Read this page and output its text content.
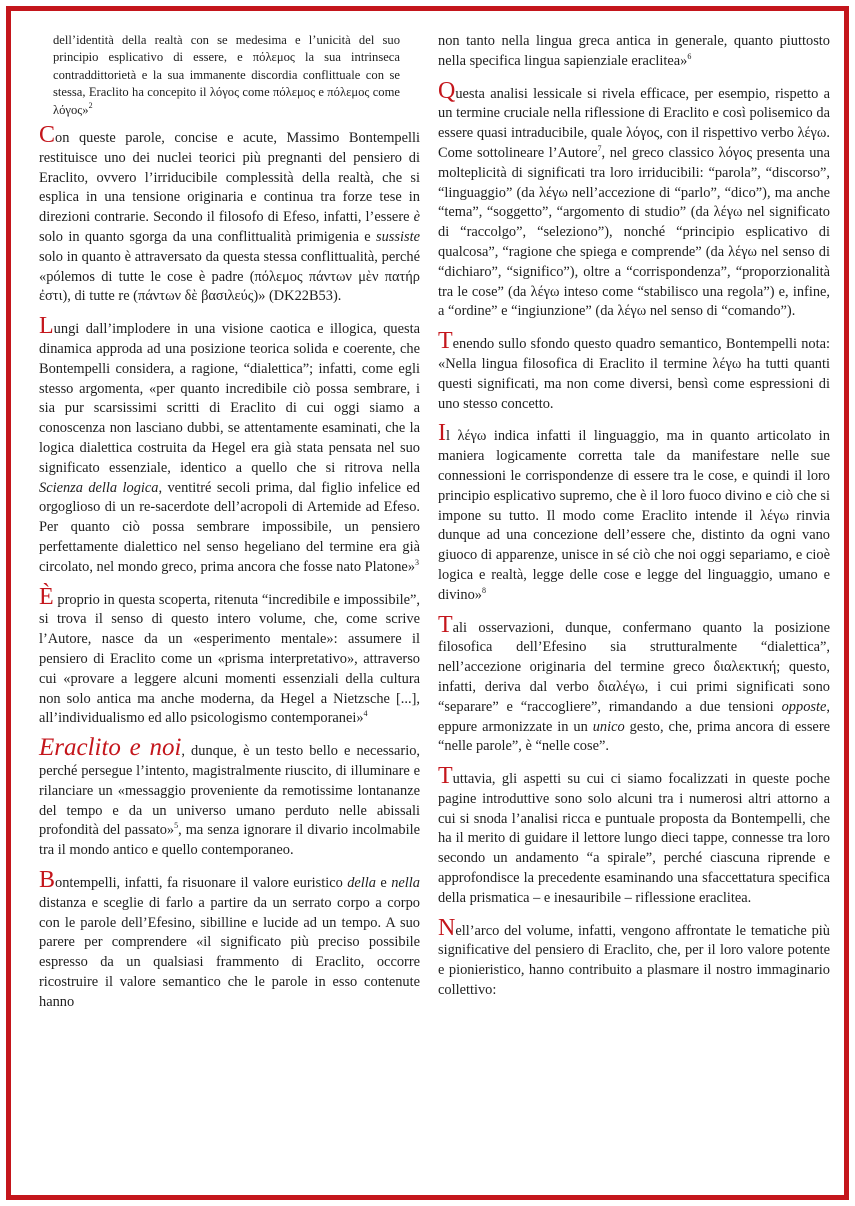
dell’identità della realtà con se medesima e l’unicità del suo principio esplicativo di essere, e πόλεμος la sua intrinseca contraddittorietà e la sua immanente discordia conflittuale con se stessa, Eraclito ha concepito il λόγος come πόλεμος e πόλεμος come λόγος»$^2$

Con queste parole, concise e acute, Massimo Bontempelli restituisce uno dei nuclei teorici più pregnanti del pensiero di Eraclito, ovvero l’irriducibile complessità della realtà, che si esplica in una tensione originaria e continua tra forze tese in direzioni contrarie. Secondo il filosofo di Efeso, infatti, l’essere è solo in quanto sgorga da una conflittualità primigenia e sussiste solo in quanto è attraversato da questa stessa conflittualità, perché «pólemos di tutte le cose è padre (πόλεμος πάντων μὲν πατήρ ἐστι), di tutte re (πάντων δὲ βασιλεύς)» (DK22B53).

Lungi dall’implodere in una visione caotica e illogica, questa dinamica approda ad una posizione teorica solida e coerente, che Bontempelli considera, a ragione, “dialettica”; infatti, come egli stesso argomenta, «per quanto incredibile ciò possa sembrare, i sia pur scarsissimi scritti di Eraclito di cui oggi siamo a conoscenza non lasciano dubbi, se attentamente esaminati, che la logica dialettica costruita da Hegel era già stata pensata nel suo significato essenziale, identico a quello che si ritrova nella Scienza della logica, ventitré secoli prima, dal figlio infelice ed orgoglioso di un re-sacerdote dell’acropoli di Artemide ad Efeso. Per quanto ciò possa sembrare impossibile, un pensiero perfettamente dialettico nel senso hegeliano del termine era già circolato, nel mondo greco, prima ancora che fosse nato Platone»$^3$

È proprio in questa scoperta, ritenuta “incredibile e impossibile”, si trova il senso di questo intero volume, che, come scrive l’Autore, nasce da un «esperimento mentale»: assumere il pensiero di Eraclito come un «prisma interpretativo», attraverso cui «provare a leggere alcuni momenti essenziali della cultura non solo antica ma anche moderna, da Hegel a Nietzsche [...], all’individualismo ed allo psicologismo contemporanei»$^4$

Eraclito e noi, dunque, è un testo bello e necessario, perché persegue l’intento, magistralmente riuscito, di illuminare e rilanciare un «messaggio proveniente da remotissime lontananze del tempo e da un universo umano perduto nelle abissali profondità del passato»$^5$, ma senza ignorare il divario incolmabile tra il mondo antico e quello contemporaneo.

Bontempelli, infatti, fa risuonare il valore euristico della e nella distanza e sceglie di farlo a partire da un serrato corpo a corpo con le parole dell’Efesino, sibilline e lucide ad un tempo. A suo parere per comprendere «il significato più preciso possibile espresso da un qualsiasi frammento di Eraclito, occorre ricostruire il valore semantico che le parole in esso contenute hanno

non tanto nella lingua greca antica in generale, quanto piuttosto nella specifica lingua sapienziale eraclitea»$^6$

Questa analisi lessicale si rivela efficace, per esempio, rispetto a un termine cruciale nella riflessione di Eraclito e così polisemico da essere quasi intraducibile, quale λόγος, con il rispettivo verbo λέγω. Come sottolineare l’Autore$^7$, nel greco classico λόγος presenta una molteplicità di significati tra loro irriducibili: “parola”, “discorso”, “linguaggio” (da λέγω nell’accezione di “parlo”, “dico”), ma anche “tema”, “soggetto”, “argomento di studio” (da λέγω nel significato di “raccolgo”, “seleziono”), nonché “principio esplicativo di qualcosa”, “ragione che spiega e comprende” (da λέγω nel senso di “dichiaro”, “significo”), oltre a “corrispondenza”, “proporzionalità tra le cose” (da λέγω inteso come “stabilisco una regola”) e, infine, a “ordine” e “ingiunzione” (da λέγω nel senso di “comando”).

Tenendo sullo sfondo questo quadro semantico, Bontempelli nota: «Nella lingua filosofica di Eraclito il termine λέγω ha tutti quanti questi significati, ma non come diversi, bensì come espressioni di uno stesso concetto.

Il λέγω indica infatti il linguaggio, ma in quanto articolato in maniera logicamente corretta tale da manifestare nelle sue connessioni le corrispondenze di essere tra le cose, e quindi il loro principio esplicativo supremo, che è il loro fuoco divino e ciò che si impone su tutto. Il modo come Eraclito intende il λέγω rinvia dunque ad una concezione dell’essere che, distinto da ogni vano giuoco di apparenze, unisce in sé ciò che noi oggi separiamo, e cioè logica e realtà, legge delle cose e legge del linguaggio, umano e divino»$^8$

Tali osservazioni, dunque, confermano quanto la posizione filosofica dell’Efesino sia strutturalmente “dialettica”, nell’accezione originaria del termine greco διαλεκτική; questo, infatti, deriva dal verbo διαλέγω, i cui primi significati sono “separare” e “raccogliere”, rimandando a due tensioni opposte, eppure armonizzate in un unico gesto, che, prima ancora di essere “nelle parole”, è “nelle cose”.

Tuttavia, gli aspetti su cui ci siamo focalizzati in queste poche pagine introduttive sono solo alcuni tra i numerosi altri attorno a cui si snoda l’analisi ricca e puntuale proposta da Bontempelli, che ha il merito di guidare il lettore lungo dieci tappe, connesse tra loro secondo un andamento “a spirale”, perché ciascuna riprende e approfondisce la precedente esaminando una sfaccettatura specifica della prismatica – e inesauribile – riflessione eraclitea.

Nell’arco del volume, infatti, vengono affrontate le tematiche più significative del pensiero di Eraclito, che, per il loro valore potente e pionieristico, hanno contribuito a plasmare il nostro immaginario collettivo:
